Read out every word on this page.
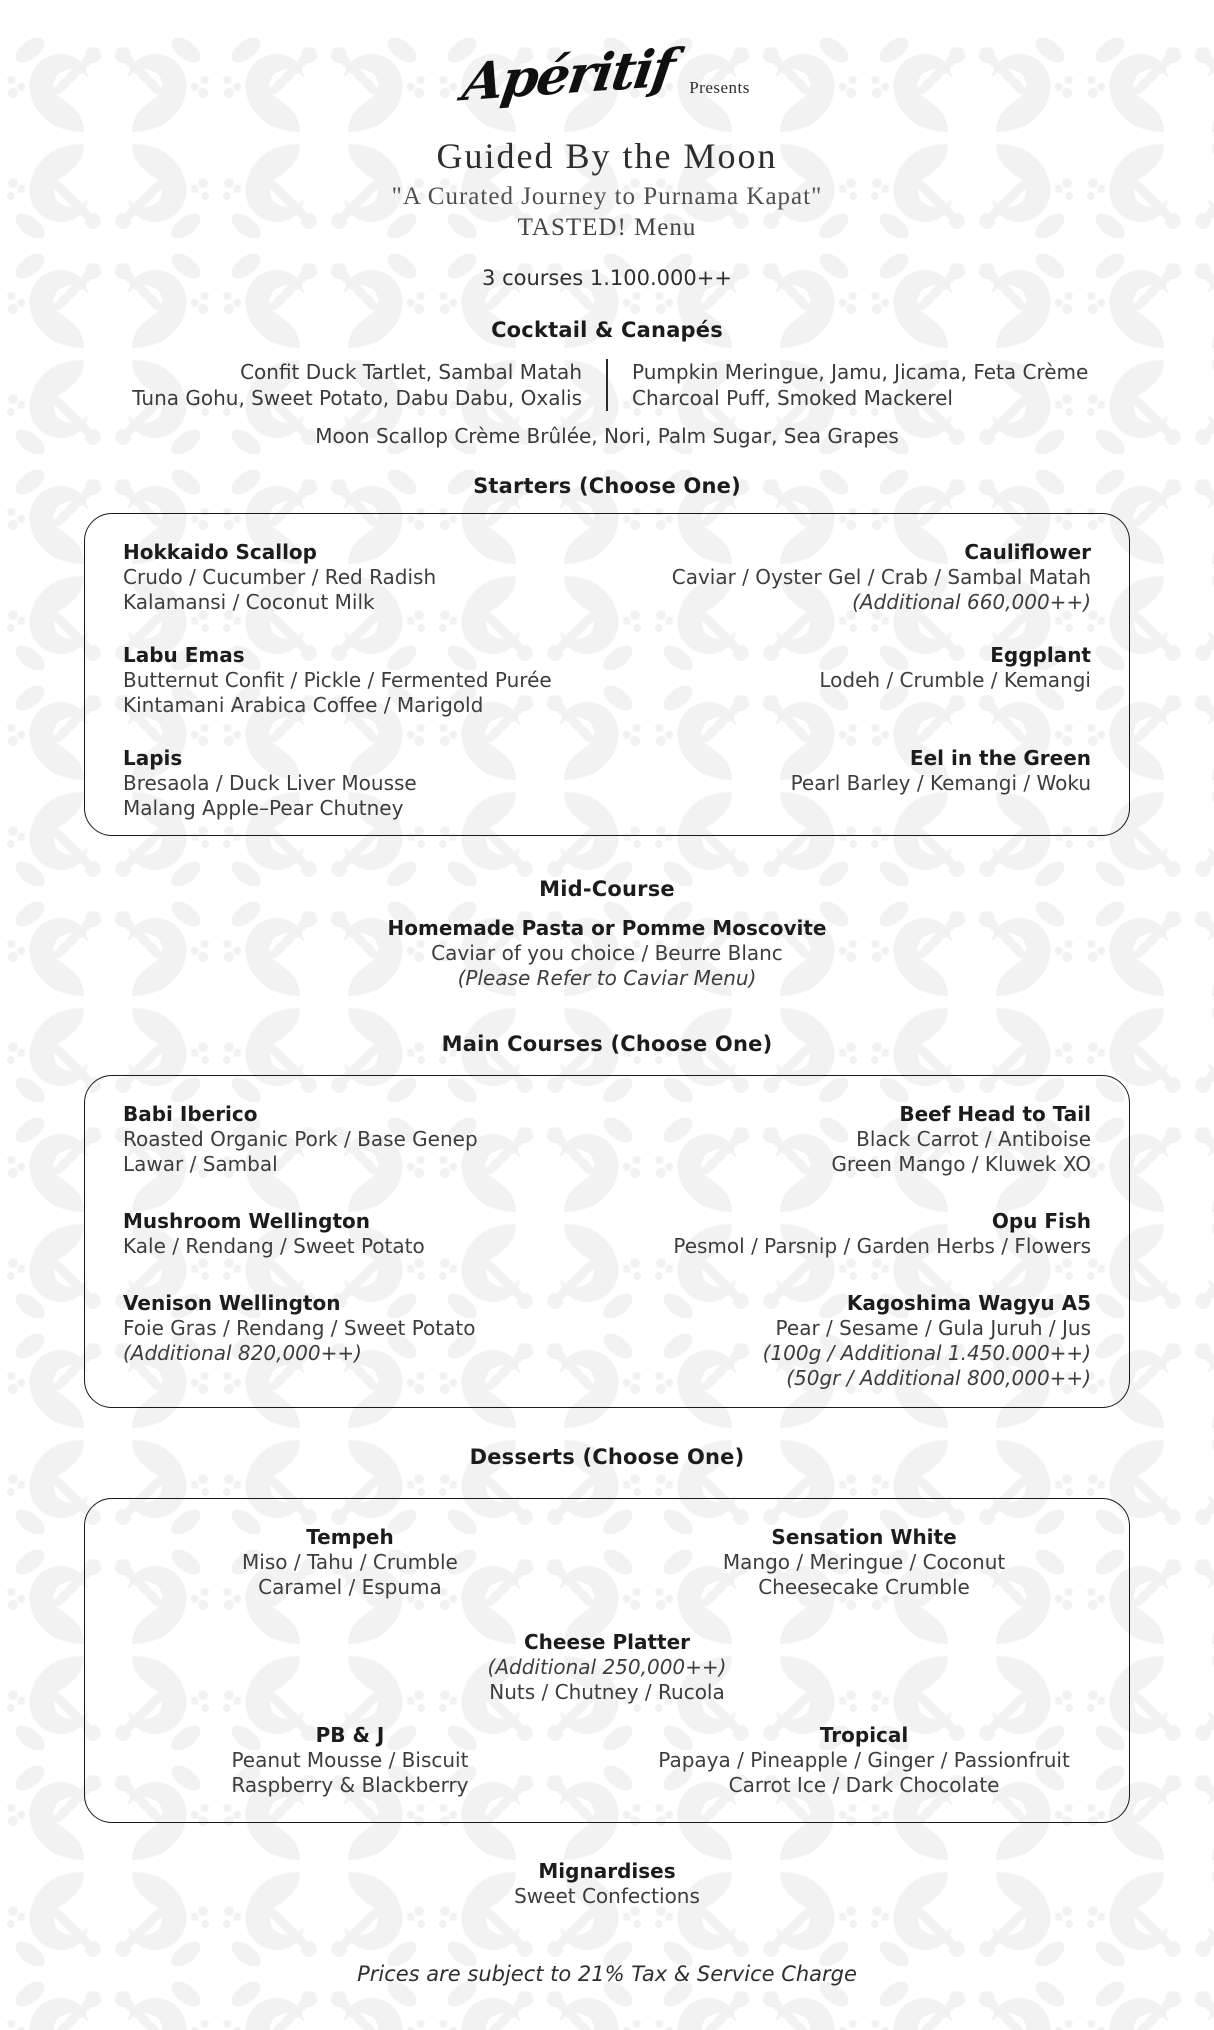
Apéritif Presents
Guided By the Moon
"A Curated Journey to Purnama Kapat"
TASTED! Menu
3 courses 1.100.000++
Cocktail & Canapés
Confit Duck Tartlet, Sambal Matah
Tuna Gohu, Sweet Potato, Dabu Dabu, Oxalis
Pumpkin Meringue, Jamu, Jicama, Feta Crème
Charcoal Puff, Smoked Mackerel
Moon Scallop Crème Brûlée, Nori, Palm Sugar, Sea Grapes
Starters (Choose One)
Hokkaido Scallop
Crudo / Cucumber / Red Radish
Kalamansi / Coconut Milk
Cauliflower
Caviar / Oyster Gel / Crab / Sambal Matah
(Additional 660,000++)
Labu Emas
Butternut Confit / Pickle / Fermented Purée
Kintamani Arabica Coffee / Marigold
Eggplant
Lodeh / Crumble / Kemangi
Lapis
Bresaola / Duck Liver Mousse
Malang Apple–Pear Chutney
Eel in the Green
Pearl Barley / Kemangi / Woku
Mid-Course
Homemade Pasta or Pomme Moscovite
Caviar of you choice / Beurre Blanc
(Please Refer to Caviar Menu)
Main Courses (Choose One)
Babi Iberico
Roasted Organic Pork / Base Genep
Lawar / Sambal
Beef Head to Tail
Black Carrot / Antiboise
Green Mango / Kluwek XO
Mushroom Wellington
Kale / Rendang / Sweet Potato
Opu Fish
Pesmol / Parsnip / Garden Herbs / Flowers
Venison Wellington
Foie Gras / Rendang / Sweet Potato
(Additional 820,000++)
Kagoshima Wagyu A5
Pear / Sesame / Gula Juruh / Jus
(100g / Additional 1.450.000++)
(50gr / Additional 800,000++)
Desserts (Choose One)
Tempeh
Miso / Tahu / Crumble
Caramel / Espuma
Sensation White
Mango / Meringue / Coconut
Cheesecake Crumble
Cheese Platter
(Additional 250,000++)
Nuts / Chutney / Rucola
PB & J
Peanut Mousse / Biscuit
Raspberry & Blackberry
Tropical
Papaya / Pineapple / Ginger / Passionfruit
Carrot Ice / Dark Chocolate
Mignardises
Sweet Confections
Prices are subject to 21% Tax & Service Charge
